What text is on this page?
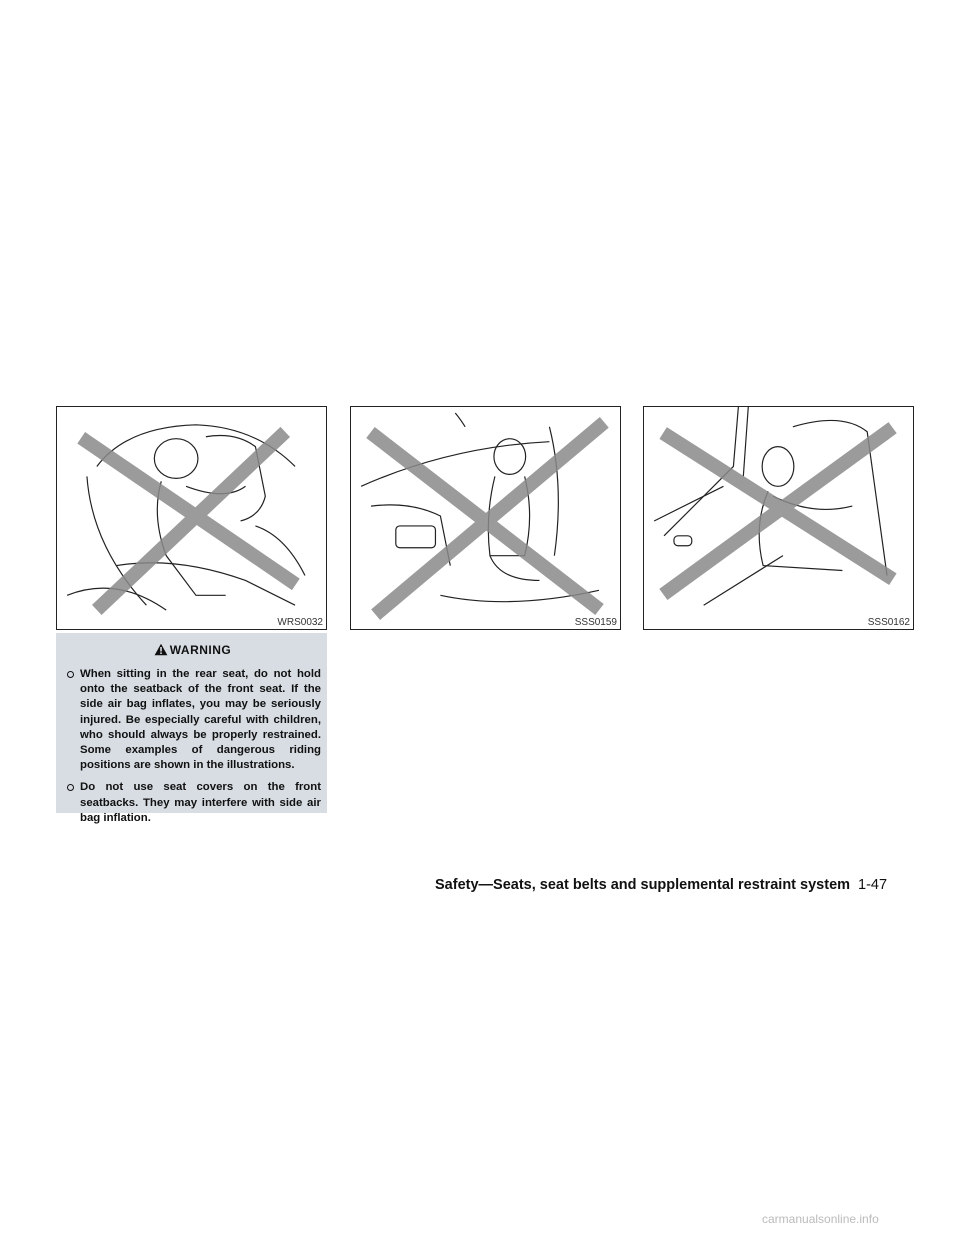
WRS0032	SSS0159	SSS0162
WARNING
When sitting in the rear seat, do not hold onto the seatback of the front seat. If the side air bag inflates, you may be seriously injured. Be especially careful with children, who should always be properly restrained. Some examples of dangerous riding positions are shown in the illustrations.
Do not use seat covers on the front seatbacks. They may interfere with side air bag inflation.
Safety—Seats, seat belts and supplemental restraint system 1-47
carmanualsonline.info
